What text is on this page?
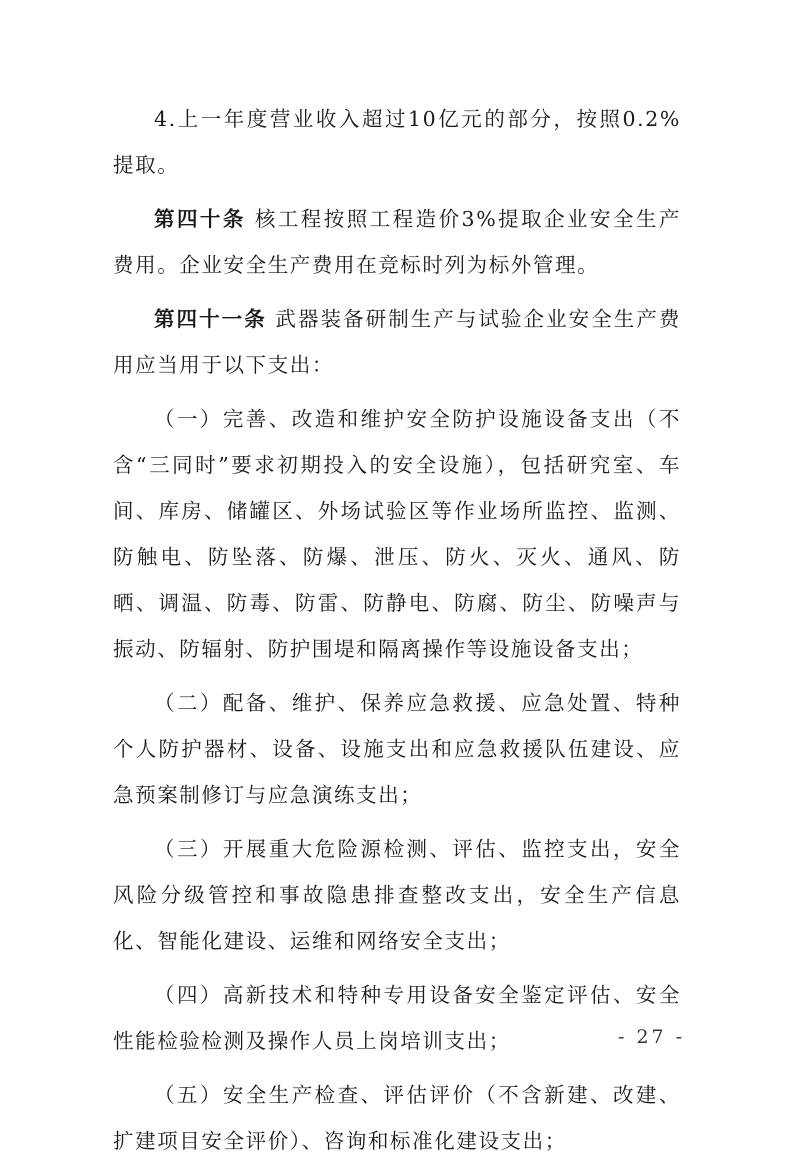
4.上一年度营业收入超过10亿元的部分，按照0.2%提取。

第四十条 核工程按照工程造价3%提取企业安全生产费用。企业安全生产费用在竞标时列为标外管理。

第四十一条 武器装备研制生产与试验企业安全生产费用应当用于以下支出：

（一）完善、改造和维护安全防护设施设备支出（不含“三同时”要求初期投入的安全设施），包括研究室、车间、库房、储罐区、外场试验区等作业场所监控、监测、防触电、防坠落、防爆、泄压、防火、灭火、通风、防晒、调温、防毒、防雷、防静电、防腐、防尘、防噪声与振动、防辐射、防护围堤和隔离操作等设施设备支出；

（二）配备、维护、保养应急救援、应急处置、特种个人防护器材、设备、设施支出和应急救援队伍建设、应急预案制修订与应急演练支出；

（三）开展重大危险源检测、评估、监控支出，安全风险分级管控和事故隐患排查整改支出，安全生产信息化、智能化建设、运维和网络安全支出；

（四）高新技术和特种专用设备安全鉴定评估、安全性能检验检测及操作人员上岗培训支出；

（五）安全生产检查、评估评价（不含新建、改建、扩建项目安全评价）、咨询和标准化建设支出；

- 27 -
